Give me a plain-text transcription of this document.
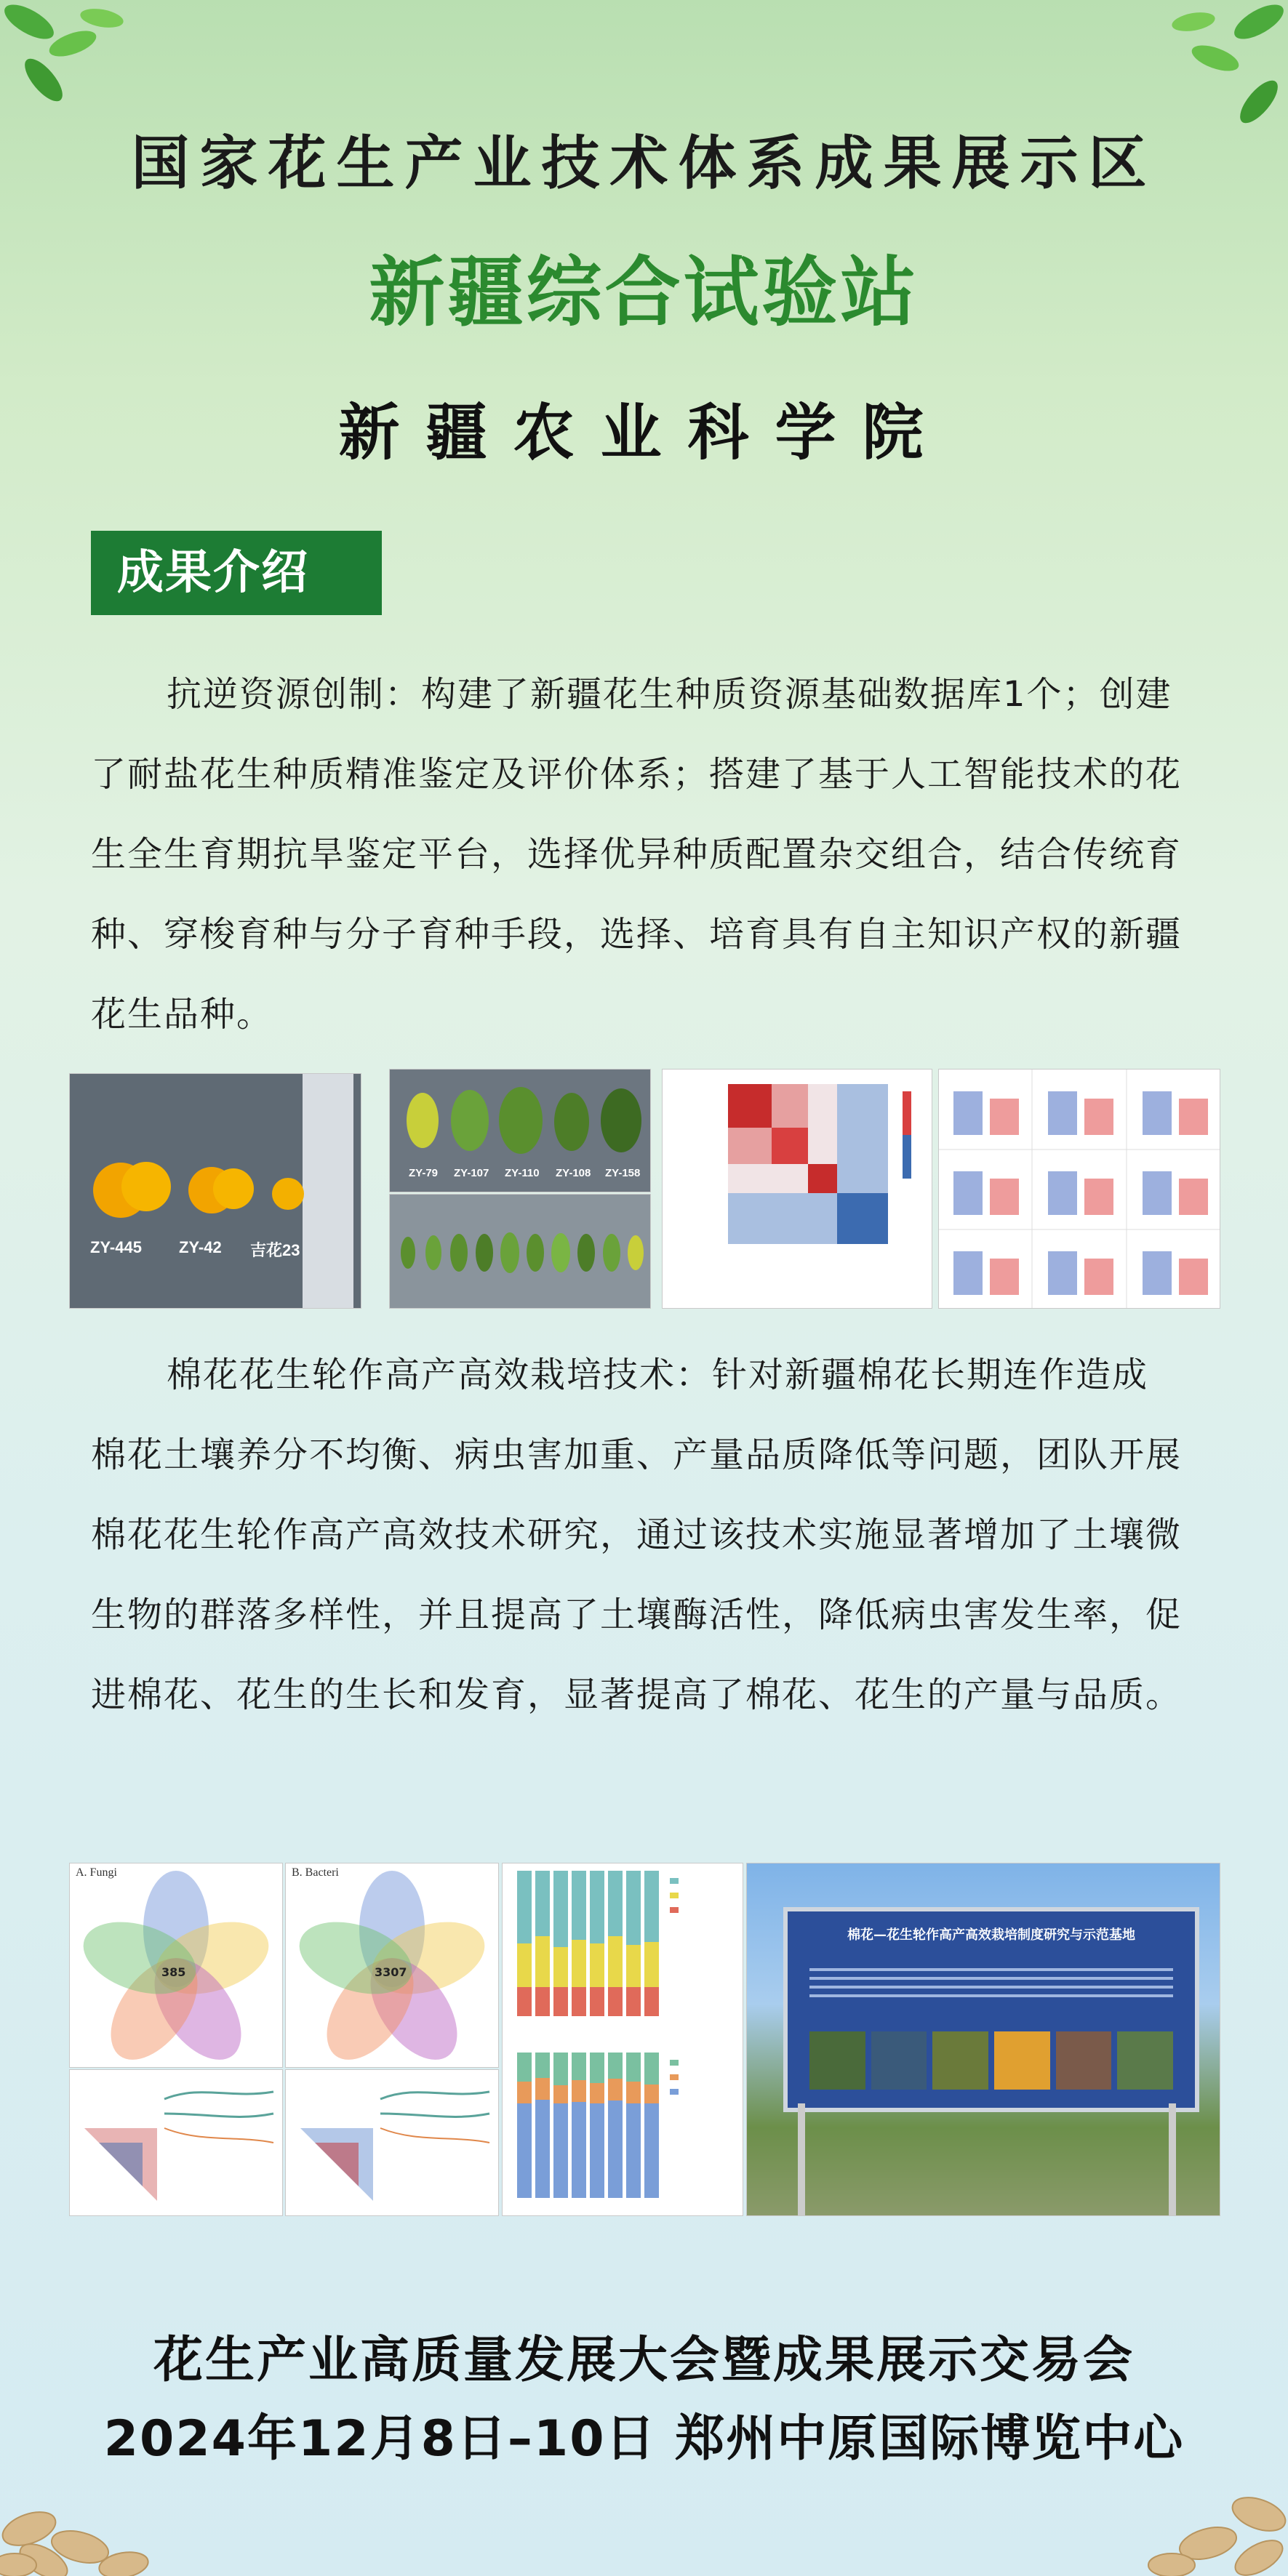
国家花生产业技术体系成果展示区
新疆综合试验站
新疆农业科学院
成果介绍
抗逆资源创制：构建了新疆花生种质资源基础数据库1个；创建了耐盐花生种质精准鉴定及评价体系；搭建了基于人工智能技术的花生全生育期抗旱鉴定平台，选择优异种质配置杂交组合，结合传统育种、穿梭育种与分子育种手段，选择、培育具有自主知识产权的新疆花生品种。
ZY-445 ZY-42 吉花23
ZY-79 ZY-107 ZY-110 ZY-108 ZY-158
棉花花生轮作高产高效栽培技术：针对新疆棉花长期连作造成棉花土壤养分不均衡、病虫害加重、产量品质降低等问题，团队开展棉花花生轮作高产高效技术研究，通过该技术实施显著增加了土壤微生物的群落多样性，并且提高了土壤酶活性，降低病虫害发生率，促进棉花、花生的生长和发育，显著提高了棉花、花生的产量与品质。
A. Fungi
385
B. Bacteri
3307
棉花—花生轮作高产高效栽培制度研究与示范基地
花生产业高质量发展大会暨成果展示交易会
2024年12月8日–10日 郑州中原国际博览中心
